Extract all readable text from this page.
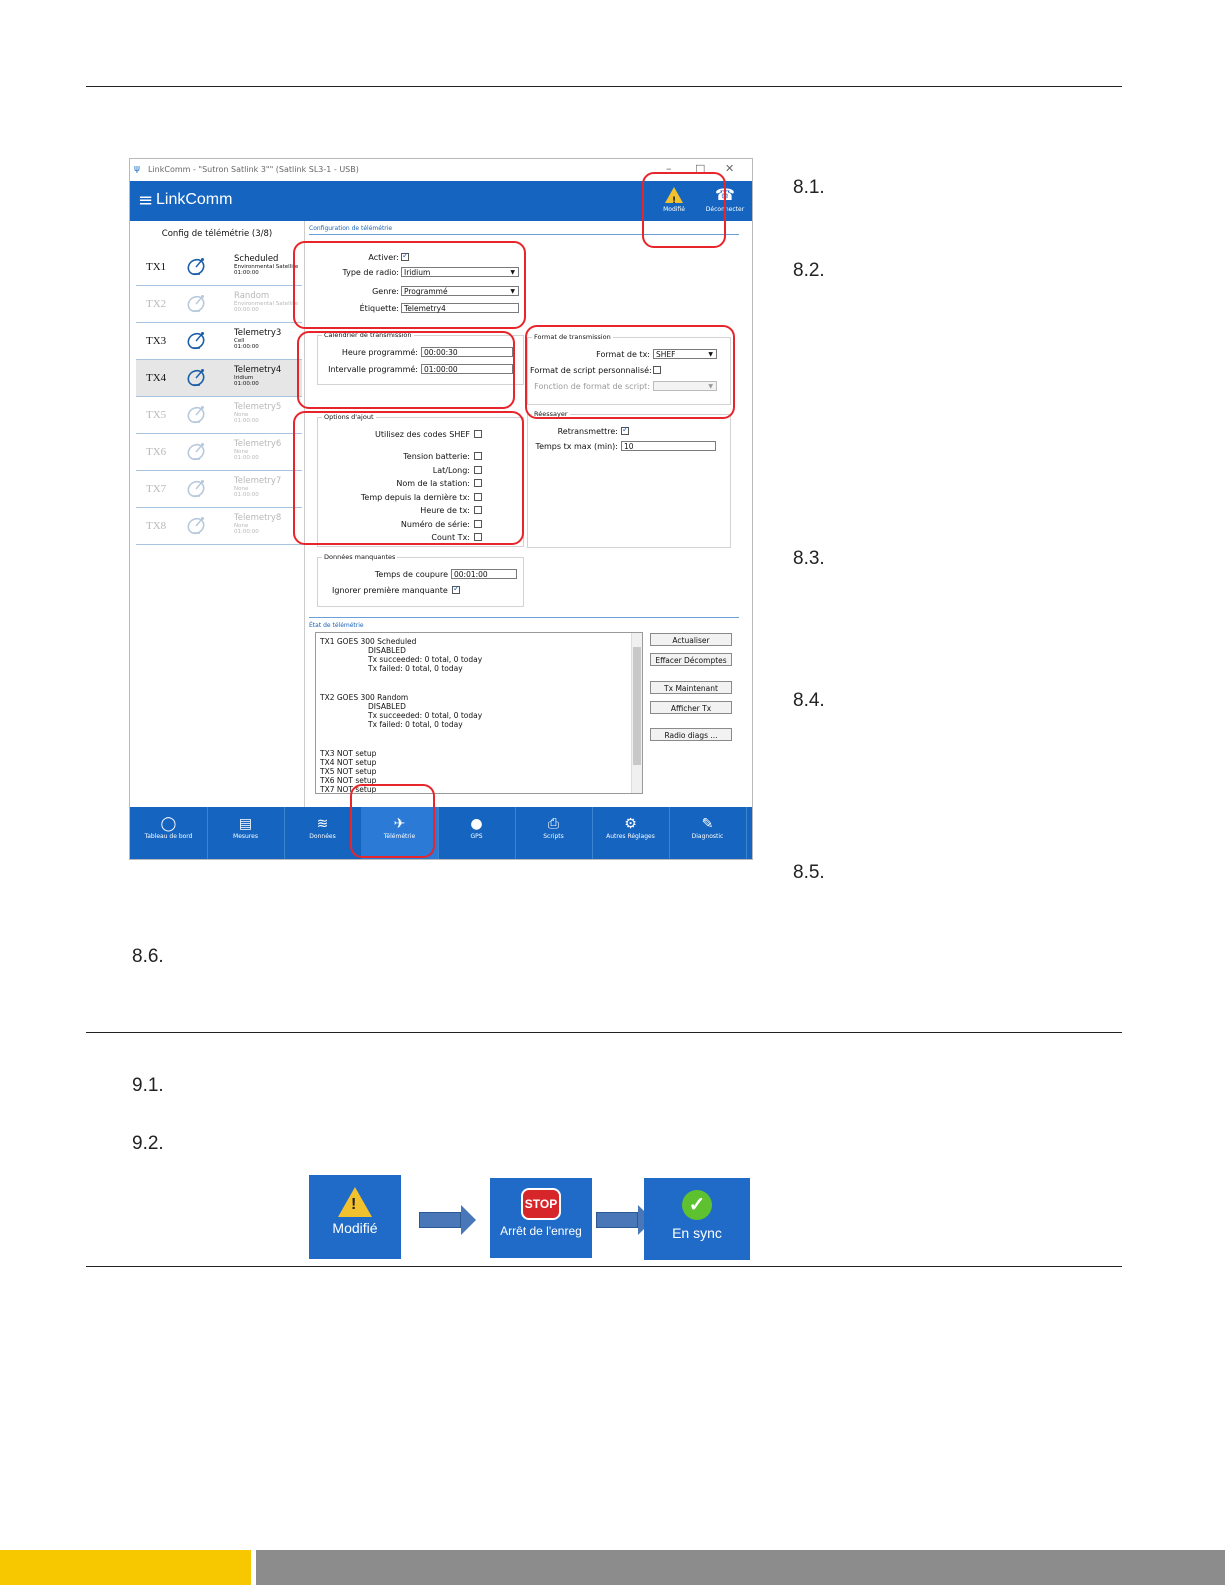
8.1.
8.2.
8.3.
8.4.
8.5.
8.6.
9.1.
9.2.
ψ	LinkComm - "Sutron Satlink 3"" (Satlink SL3-1 - USB)	– □ ✕
≡ LinkComm	!
Modifié
☎
Déconnecter
Config de télémétrie (3/8)
TX1
Scheduled
Environmental Satellite
01:00:00
TX2
Random
Environmental Satellite
00:00:00
TX3
Telemetry3
Cell
01:00:00
TX4
Telemetry4
Iridium
01:00:00
TX5
Telemetry5
None
01:00:00
TX6
Telemetry6
None
01:00:00
TX7
Telemetry7
None
01:00:00
TX8
Telemetry8
None
01:00:00
Configuration de télémétrie
Activer:
✓
Type de radio: Iridium	▼
Genre: Programmé	▼
Étiquette: Telemetry4
Calendrier de transmission
Heure programmé: 00:00:30
Intervalle programmé: 01:00:00
Options d'ajout
Utilisez des codes SHEF
Tension batterie:
Lat/Long:
Nom de la station:
Temp depuis la dernière tx:
Heure de tx:
Numéro de série:
Count Tx:
Données manquantes
Temps de coupure 00:01:00
Ignorer première manquante
✓
Format de transmission
Format de tx: SHEF	▼
Format de script personnalisé:
Fonction de format de script:	▼
Réessayer
Retransmettre:
✓
Temps tx max (min): 10
État de télémétrie
TX1 GOES 300 Scheduled
DISABLED
Tx succeeded: 0 total, 0 today
Tx failed: 0 total, 0 today
TX2 GOES 300 Random
DISABLED
Tx succeeded: 0 total, 0 today
Tx failed: 0 total, 0 today
TX3 NOT setup
TX4 NOT setup
TX5 NOT setup
TX6 NOT setup
TX7 NOT setup
Actualiser
Effacer Décomptes
Tx Maintenant
Afficher Tx
Radio diags ...
◯
Tableau de bord
▤
Mesures
≋
Données
✈
Télémétrie
●
GPS
⎙
Scripts
⚙
Autres Réglages
✎
Diagnostic
!
Modifié
STOP
Arrêt de l'enreg
✓
En sync
